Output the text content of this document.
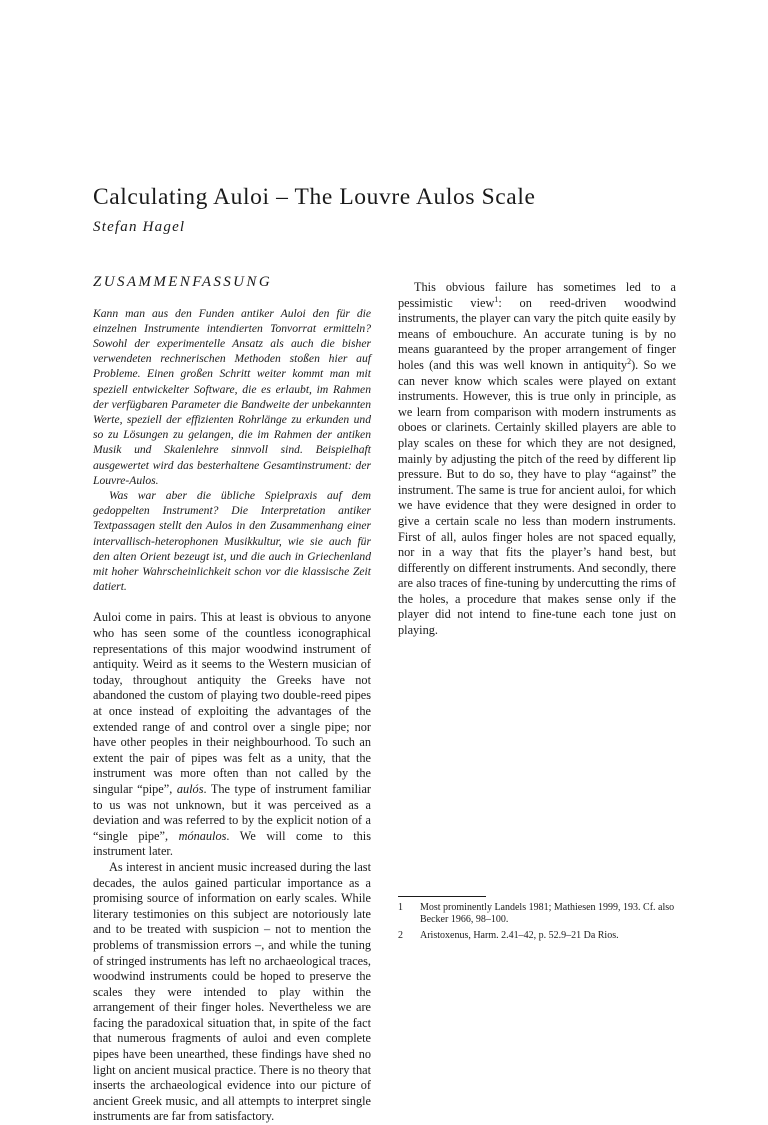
Calculating Auloi – The Louvre Aulos Scale
Stefan Hagel
ZUSAMMENFASSUNG

Kann man aus den Funden antiker Auloi den für die einzelnen Instrumente intendierten Tonvorrat ermitteln? Sowohl der experimentelle Ansatz als auch die bisher verwendeten rechnerischen Methoden stoßen hier auf Probleme. Einen großen Schritt weiter kommt man mit speziell entwickelter Software, die es erlaubt, im Rahmen der verfügbaren Parameter die Bandweite der unbekannten Werte, speziell der effizienten Rohrlänge zu erkunden und so zu Lösungen zu gelangen, die im Rahmen der antiken Musik und Skalenlehre sinnvoll sind. Beispielhaft ausgewertet wird das besterhaltene Gesamtinstrument: der Louvre-Aulos.

Was war aber die übliche Spielpraxis auf dem gedoppelten Instrument? Die Interpretation antiker Textpassagen stellt den Aulos in den Zusammenhang einer intervallisch-heterophonen Musikkultur, wie sie auch für den alten Orient bezeugt ist, und die auch in Griechenland mit hoher Wahrscheinlichkeit schon vor die klassische Zeit datiert.

Auloi come in pairs. This at least is obvious to anyone who has seen some of the countless iconographical representations of this major woodwind instrument of antiquity. Weird as it seems to the Western musician of today, throughout antiquity the Greeks have not abandoned the custom of playing two double-reed pipes at once instead of exploiting the advantages of the extended range of and control over a single pipe; nor have other peoples in their neighbourhood. To such an extent the pair of pipes was felt as a unity, that the instrument was more often than not called by the singular “pipe”, aulós. The type of instrument familiar to us was not unknown, but it was perceived as a deviation and was referred to by the explicit notion of a “single pipe”, mónaulos. We will come to this instrument later.

As interest in ancient music increased during the last decades, the aulos gained particular importance as a promising source of information on early scales. While literary testimonies on this subject are notoriously late and to be treated with suspicion – not to mention the problems of transmission errors –, and while the tuning of stringed instruments has left no archaeological traces, woodwind instruments could be hoped to preserve the scales they were intended to play within the arrangement of their finger holes. Nevertheless we are facing the paradoxical situation that, in spite of the fact that numerous fragments of auloi and even complete pipes have been unearthed, these findings have shed no light on ancient musical practice. There is no theory that inserts the archaeological evidence into our picture of ancient Greek music, and all attempts to interpret single instruments are far from satisfactory.

This obvious failure has sometimes led to a pessimistic view$^1$: on reed-driven woodwind instruments, the player can vary the pitch quite easily by means of embouchure. An accurate tuning is by no means guaranteed by the proper arrangement of finger holes (and this was well known in antiquity$^2$). So we can never know which scales were played on extant instruments. However, this is true only in principle, as we learn from comparison with modern instruments as oboes or clarinets. Certainly skilled players are able to play scales on these for which they are not designed, mainly by adjusting the pitch of the reed by different lip pressure. But to do so, they have to play “against” the instrument. The same is true for ancient auloi, for which we have evidence that they were designed in order to give a certain scale no less than modern instruments. First of all, aulos finger holes are not spaced equally, nor in a way that fits the player’s hand best, but differently on different instruments. And secondly, there are also traces of fine-tuning by undercutting the rims of the holes, a procedure that makes sense only if the player did not intend to fine-tune each tone just on playing.

1	Most prominently Landels 1981; Mathiesen 1999, 193. Cf. also Becker 1966, 98–100.
2	Aristoxenus, Harm. 2.41–42, p. 52.9–21 Da Rios.
